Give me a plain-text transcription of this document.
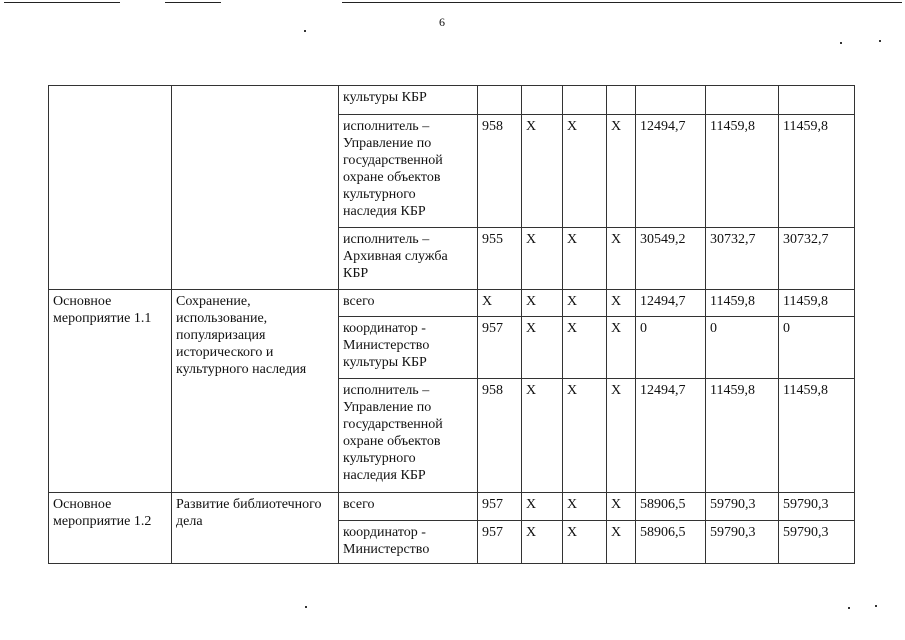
6
		культуры КБР							
		исполнитель – Управление по государственной охране объектов культурного наследия КБР	958	Х	Х	Х	12494,7	11459,8	11459,8
		исполнитель – Архивная служба КБР	955	Х	Х	Х	30549,2	30732,7	30732,7
Основное мероприятие 1.1	Сохранение, использование, популяризация исторического и культурного наследия	всего	Х	Х	Х	Х	12494,7	11459,8	11459,8
		координатор - Министерство культуры КБР	957	Х	Х	Х	0	0	0
		исполнитель – Управление по государственной охране объектов культурного наследия КБР	958	Х	Х	Х	12494,7	11459,8	11459,8
Основное мероприятие 1.2	Развитие библиотечного дела	всего	957	Х	Х	Х	58906,5	59790,3	59790,3
		координатор - Министерство	957	Х	Х	Х	58906,5	59790,3	59790,3
